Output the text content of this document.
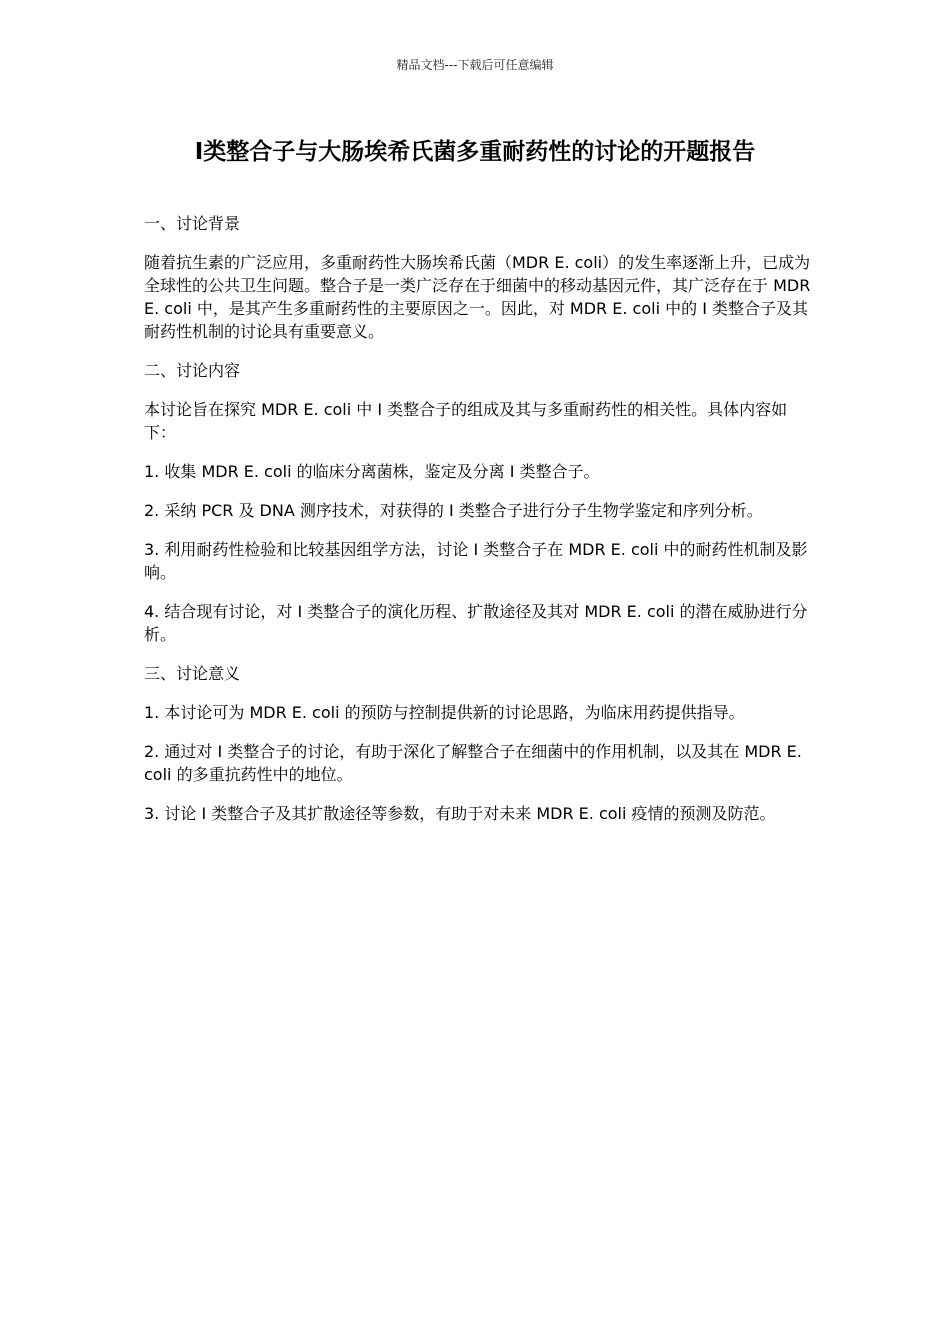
精品文档---下载后可任意编辑
Ⅰ类整合子与大肠埃希氏菌多重耐药性的讨论的开题报告

一、讨论背景

随着抗生素的广泛应用，多重耐药性大肠埃希氏菌（MDR E. coli）的发生率逐渐上升，已成为全球性的公共卫生问题。整合子是一类广泛存在于细菌中的移动基因元件，其广泛存在于 MDR E. coli 中，是其产生多重耐药性的主要原因之一。因此，对 MDR E. coli 中的 I 类整合子及其耐药性机制的讨论具有重要意义。

二、讨论内容

本讨论旨在探究 MDR E. coli 中 I 类整合子的组成及其与多重耐药性的相关性。具体内容如下：

1. 收集 MDR E. coli 的临床分离菌株，鉴定及分离 I 类整合子。

2. 采纳 PCR 及 DNA 测序技术，对获得的 I 类整合子进行分子生物学鉴定和序列分析。

3. 利用耐药性检验和比较基因组学方法，讨论 I 类整合子在 MDR E. coli 中的耐药性机制及影响。

4. 结合现有讨论，对 I 类整合子的演化历程、扩散途径及其对 MDR E. coli 的潜在威胁进行分析。

三、讨论意义

1. 本讨论可为 MDR E. coli 的预防与控制提供新的讨论思路，为临床用药提供指导。

2. 通过对 I 类整合子的讨论，有助于深化了解整合子在细菌中的作用机制，以及其在 MDR E. coli 的多重抗药性中的地位。

3. 讨论 I 类整合子及其扩散途径等参数，有助于对未来 MDR E. coli 疫情的预测及防范。
